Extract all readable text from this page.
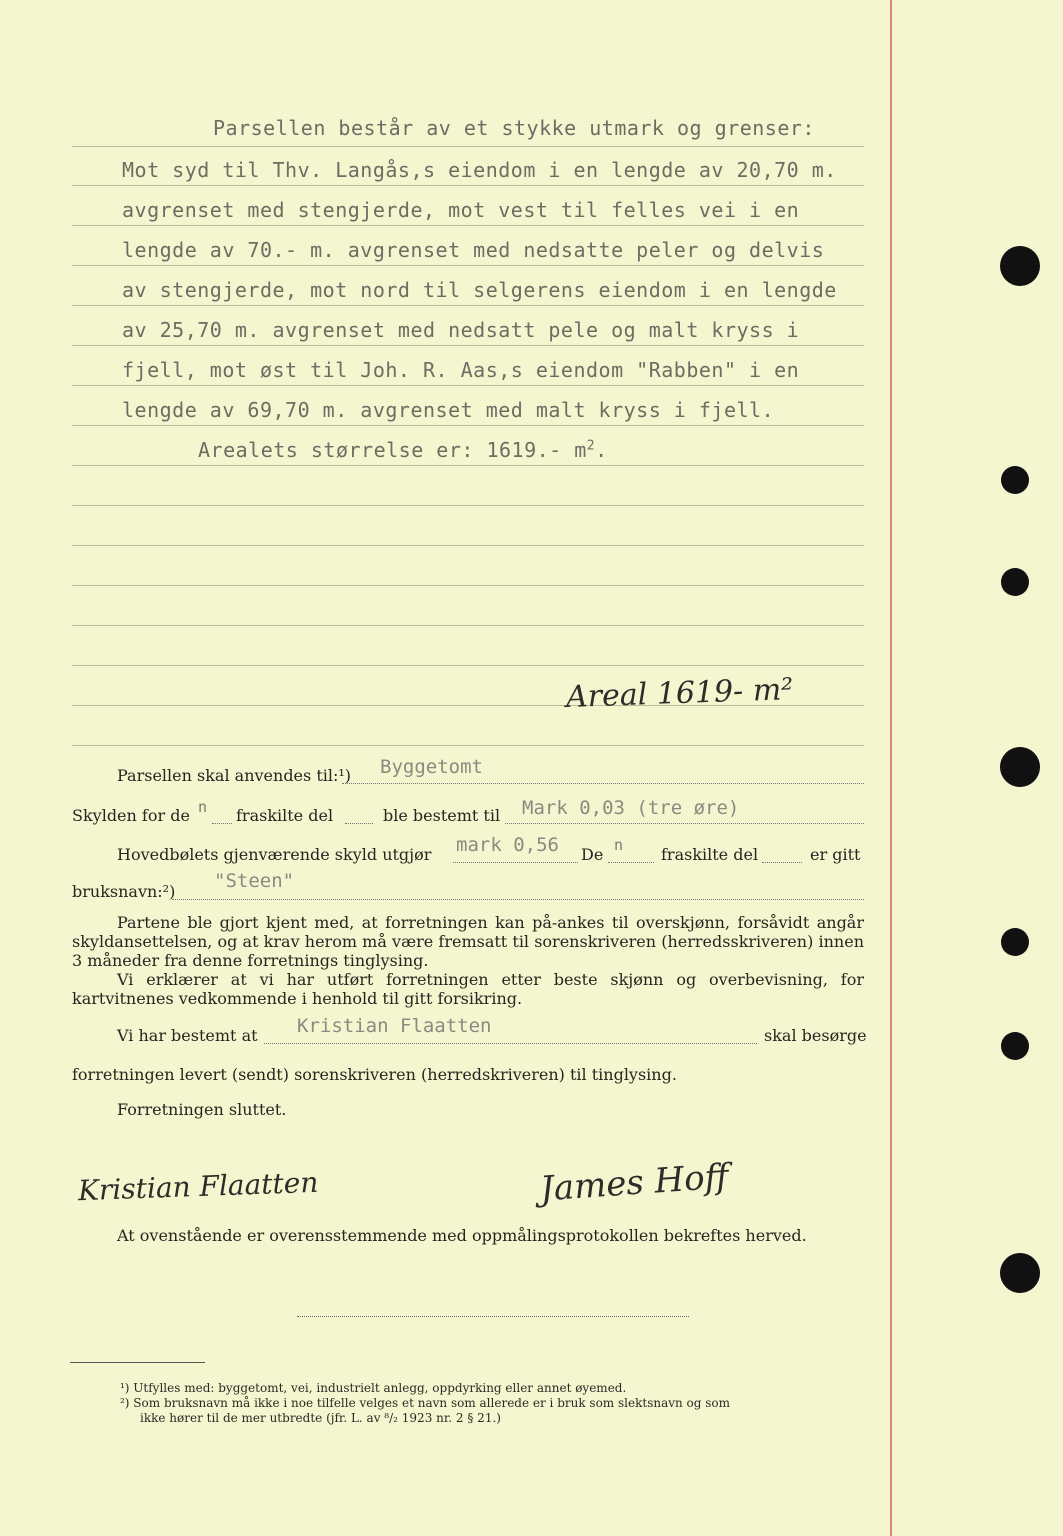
Parsellen består av et stykke utmark og grenser:
Mot syd til Thv. Langås,s eiendom i en lengde av 20,70 m.
avgrenset med stengjerde, mot vest til felles vei i en
lengde av 70.- m. avgrenset med nedsatte peler og delvis
av stengjerde, mot nord til selgerens eiendom i en lengde
av 25,70 m. avgrenset med nedsatt pele og malt kryss i
fjell, mot øst til Joh. R. Aas,s eiendom "Rabben" i en
lengde av 69,70 m. avgrenset med malt kryss i fjell.
Arealets størrelse er: 1619.- $m^2$.
Areal 1619- m²
Parsellen skal anvendes til:¹) Byggetomt
Skylden for de n fraskilte del	ble bestemt til Mark 0,03 (tre øre)
Hovedbølets gjenværende skyld utgjør mark 0,56 De n fraskilte del	er gitt
bruksnavn:²) "Steen"
Partene ble gjort kjent med, at forretningen kan på-ankes til overskjønn, forsåvidt angår skyldansettelsen, og at krav herom må være fremsatt til sorenskriveren (herredsskriveren) innen 3 måneder fra denne forretnings tinglysing.
Vi erklærer at vi har utført forretningen etter beste skjønn og overbevisning, for kartvitnenes vedkommende i henhold til gitt forsikring.
Vi har bestemt at Kristian Flaatten	skal besørge
forretningen levert (sendt) sorenskriveren (herredskriveren) til tinglysing.
Forretningen sluttet.
Kristian Flaatten	James Hoff
At ovenstående er overensstemmende med oppmålingsprotokollen bekreftes herved.
¹) Utfylles med: byggetomt, vei, industrielt anlegg, oppdyrking eller annet øyemed.
²) Som bruksnavn må ikke i noe tilfelle velges et navn som allerede er i bruk som slektsnavn og som
ikke hører til de mer utbredte (jfr. L. av ⁸/₂ 1923 nr. 2 § 21.)
